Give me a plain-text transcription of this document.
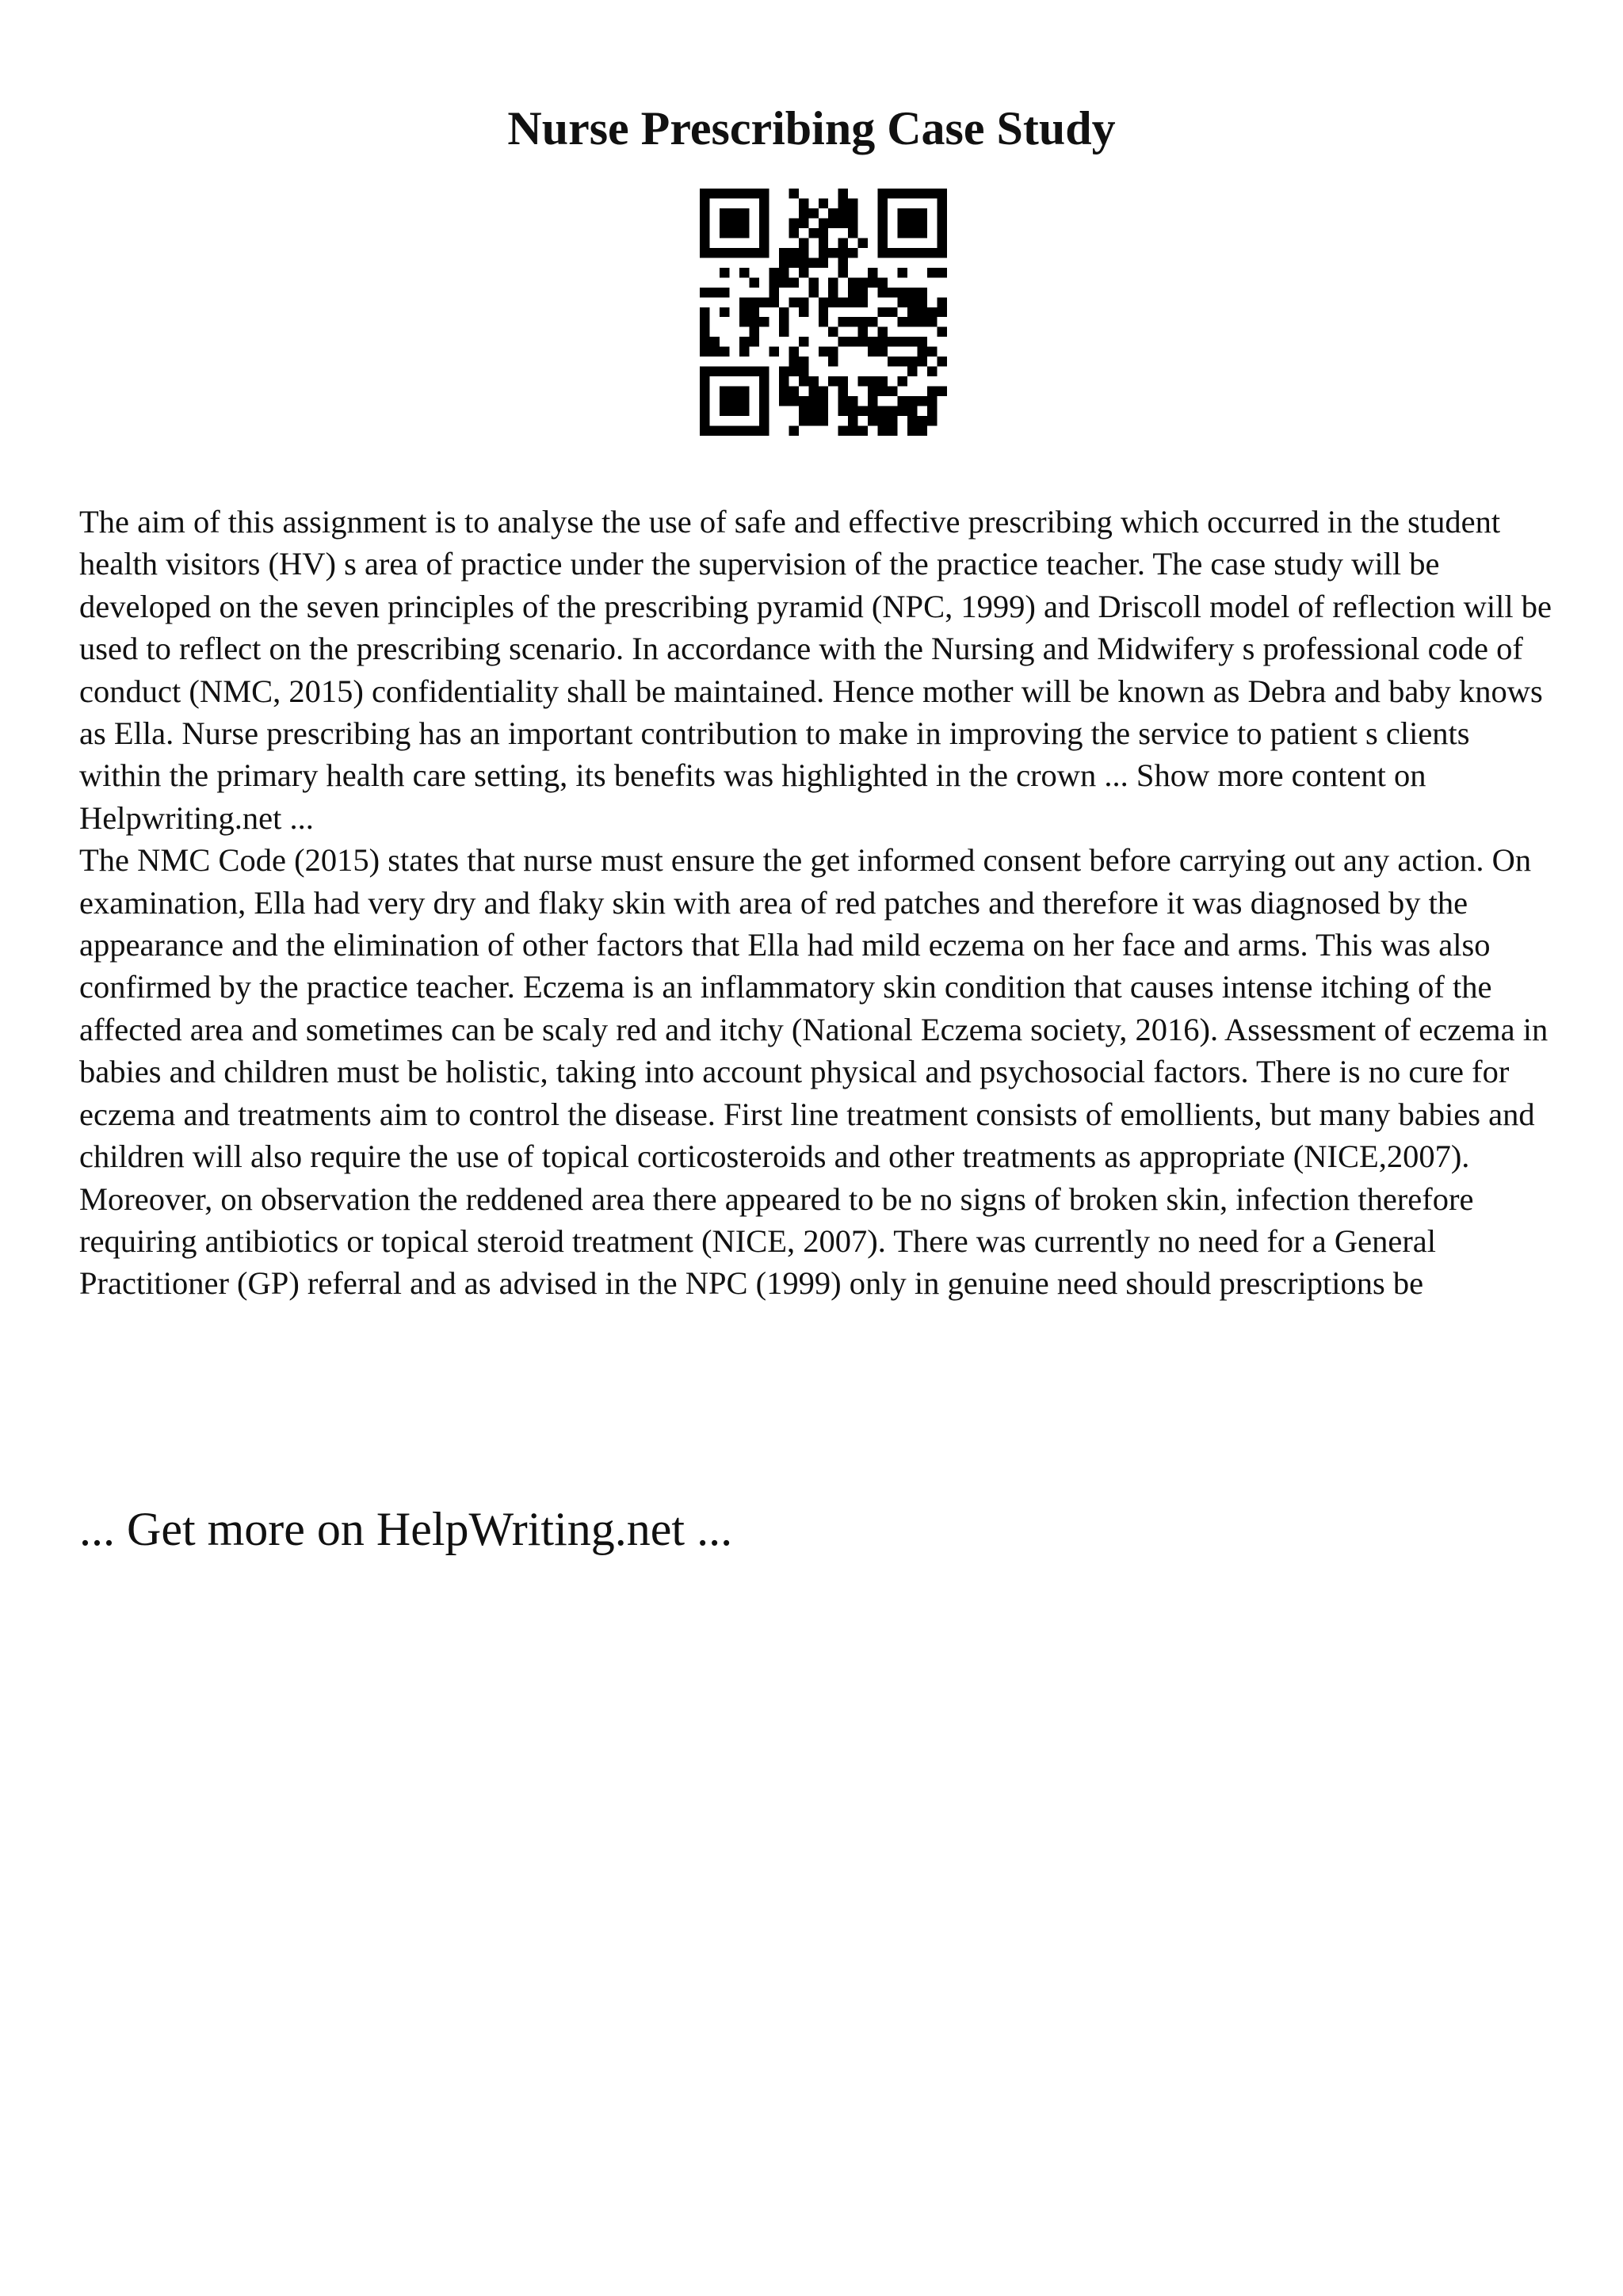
Nurse Prescribing Case Study

The aim of this assignment is to analyse the use of safe and effective prescribing which occurred in the student health visitors (HV) s area of practice under the supervision of the practice teacher. The case study will be developed on the seven principles of the prescribing pyramid (NPC, 1999) and Driscoll model of reflection will be used to reflect on the prescribing scenario. In accordance with the Nursing and Midwifery s professional code of conduct (NMC, 2015) confidentiality shall be maintained. Hence mother will be known as Debra and baby knows as Ella. Nurse prescribing has an important contribution to make in improving the service to patient s clients within the primary health care setting, its benefits was highlighted in the crown ... Show more content on Helpwriting.net ...

The NMC Code (2015) states that nurse must ensure the get informed consent before carrying out any action. On examination, Ella had very dry and flaky skin with area of red patches and therefore it was diagnosed by the appearance and the elimination of other factors that Ella had mild eczema on her face and arms. This was also confirmed by the practice teacher. Eczema is an inflammatory skin condition that causes intense itching of the affected area and sometimes can be scaly red and itchy (National Eczema society, 2016). Assessment of eczema in babies and children must be holistic, taking into account physical and psychosocial factors. There is no cure for eczema and treatments aim to control the disease. First line treatment consists of emollients, but many babies and children will also require the use of topical corticosteroids and other treatments as appropriate (NICE,2007). Moreover, on observation the reddened area there appeared to be no signs of broken skin, infection therefore requiring antibiotics or topical steroid treatment (NICE, 2007). There was currently no need for a General Practitioner (GP) referral and as advised in the NPC (1999) only in genuine need should prescriptions be

... Get more on HelpWriting.net ...
